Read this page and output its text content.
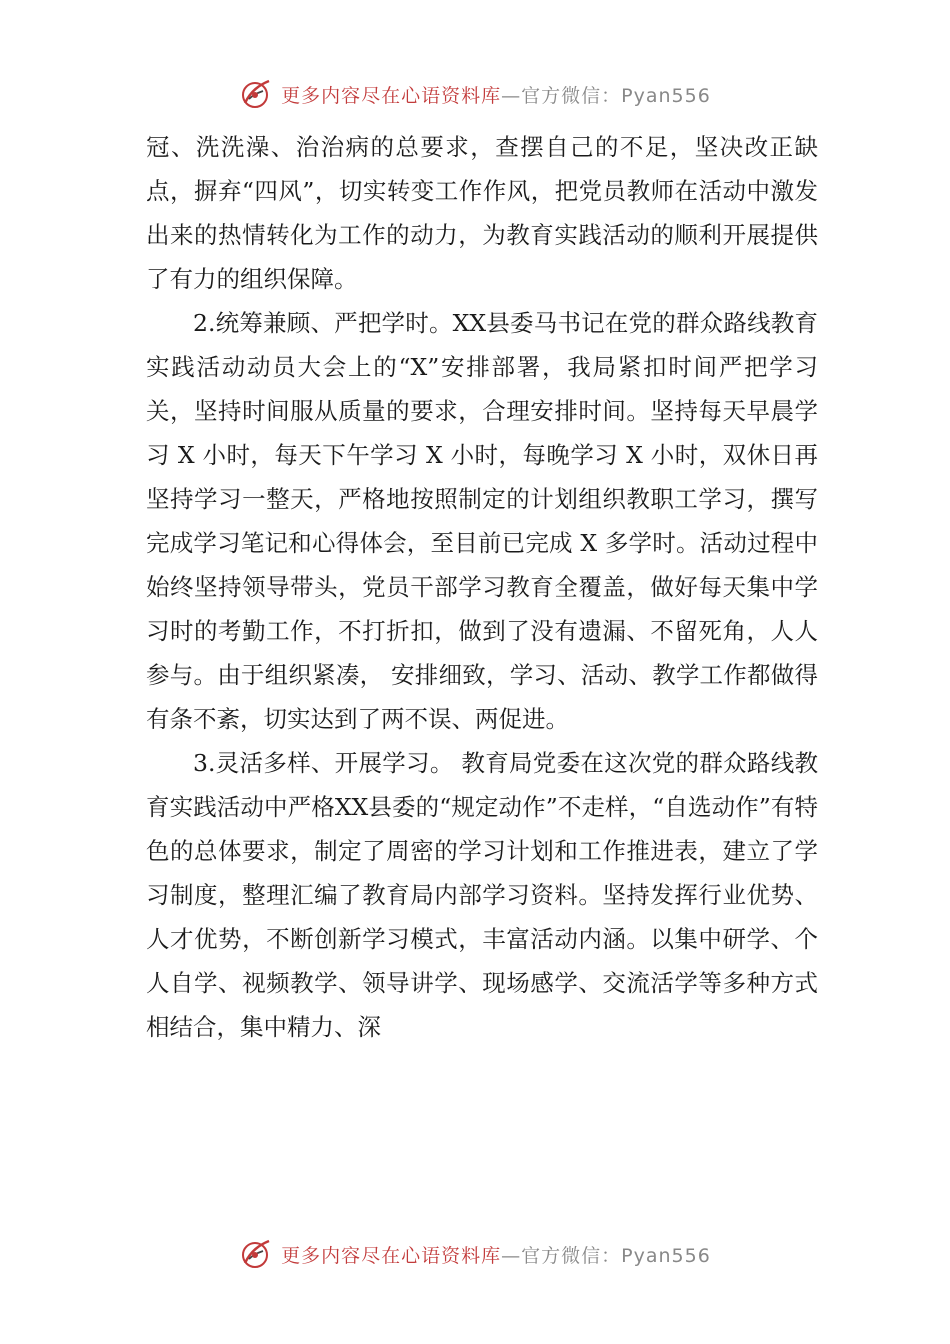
更多内容尽在心语资料库—官方微信：Pyan556

冠、洗洗澡、治治病的总要求，查摆自己的不足，坚决改正缺点，摒弃“四风”，切实转变工作作风，把党员教师在活动中激发出来的热情转化为工作的动力，为教育实践活动的顺利开展提供了有力的组织保障。

2.统筹兼顾、严把学时。XX县委马书记在党的群众路线教育实践活动动员大会上的“X”安排部署，我局紧扣时间严把学习关，坚持时间服从质量的要求，合理安排时间。坚持每天早晨学习 X 小时，每天下午学习 X 小时，每晚学习 X 小时，双休日再坚持学习一整天，严格地按照制定的计划组织教职工学习，撰写完成学习笔记和心得体会，至目前已完成 X 多学时。活动过程中始终坚持领导带头，党员干部学习教育全覆盖，做好每天集中学习时的考勤工作，不打折扣，做到了没有遗漏、不留死角，人人参与。由于组织紧凑， 安排细致，学习、活动、教学工作都做得有条不紊，切实达到了两不误、两促进。

3.灵活多样、开展学习。 教育局党委在这次党的群众路线教育实践活动中严格XX县委的“规定动作”不走样，“自选动作”有特色的总体要求，制定了周密的学习计划和工作推进表，建立了学习制度，整理汇编了教育局内部学习资料。坚持发挥行业优势、人才优势，不断创新学习模式，丰富活动内涵。以集中研学、个人自学、视频教学、领导讲学、现场感学、交流活学等多种方式相结合，集中精力、深

更多内容尽在心语资料库—官方微信：Pyan556
